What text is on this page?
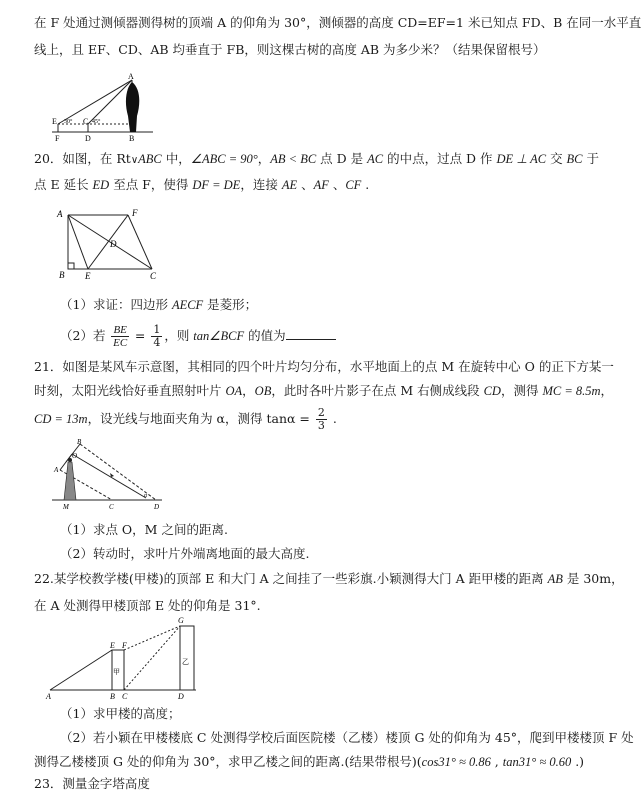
在 F 处通过测倾器测得树的顶端 A 的仰角为 30°，测倾器的高度 CD=EF=1 米已知点 FD、B 在同一水平直
线上，且 EF、CD、AB 均垂直于 FB，则这棵古树的高度 AB 为多少米？（结果保留根号）
A
E 30° C 45°
F	D	B
20．如图，在 Rt∨ABC 中，∠ABC = 90°，AB < BC 点 D 是 AC 的中点，过点 D 作 DE ⊥ AC 交 BC 于
点 E 延长 ED 至点 F，使得 DF = DE，连接 AE 、AF 、CF .
A	F
D
B E	C
（1）求证：四边形 AECF 是菱形；
（2）若 $\frac{BE}{EC} = \frac{1}{4}$ ，则 tan∠BCF 的值为
21．如图是某风车示意图，其相同的四个叶片均匀分布，水平地面上的点 M 在旋转中心 O 的正下方某一
时刻，太阳光线恰好垂直照射叶片 OA，OB，此时各叶片影子在点 M 右侧成线段 CD，测得 MC = 8.5m，
CD = 13m，设光线与地面夹角为 α，测得 $\tan\alpha = \frac{2}{3}$ .
B
O
A
M	C	D
α
（1）求点 O，M 之间的距离.
（2）转动时，求叶片外端离地面的最大高度.
22.某学校教学楼(甲楼)的顶部 E 和大门 A 之间挂了一些彩旗.小颖测得大门 A 距甲楼的距离 AB 是 30m，
在 A 处测得甲楼顶部 E 处的仰角是 31°.
A	B C	D
E F
G
甲
乙
（1）求甲楼的高度；
（2）若小颖在甲楼楼底 C 处测得学校后面医院楼（乙楼）楼顶 G 处的仰角为 45°，爬到甲楼楼顶 F 处
测得乙楼楼顶 G 处的仰角为 30°，求甲乙楼之间的距离.(结果带根号)(cos31° ≈ 0.86 , tan31° ≈ 0.60 .)
23．测量金字塔高度
